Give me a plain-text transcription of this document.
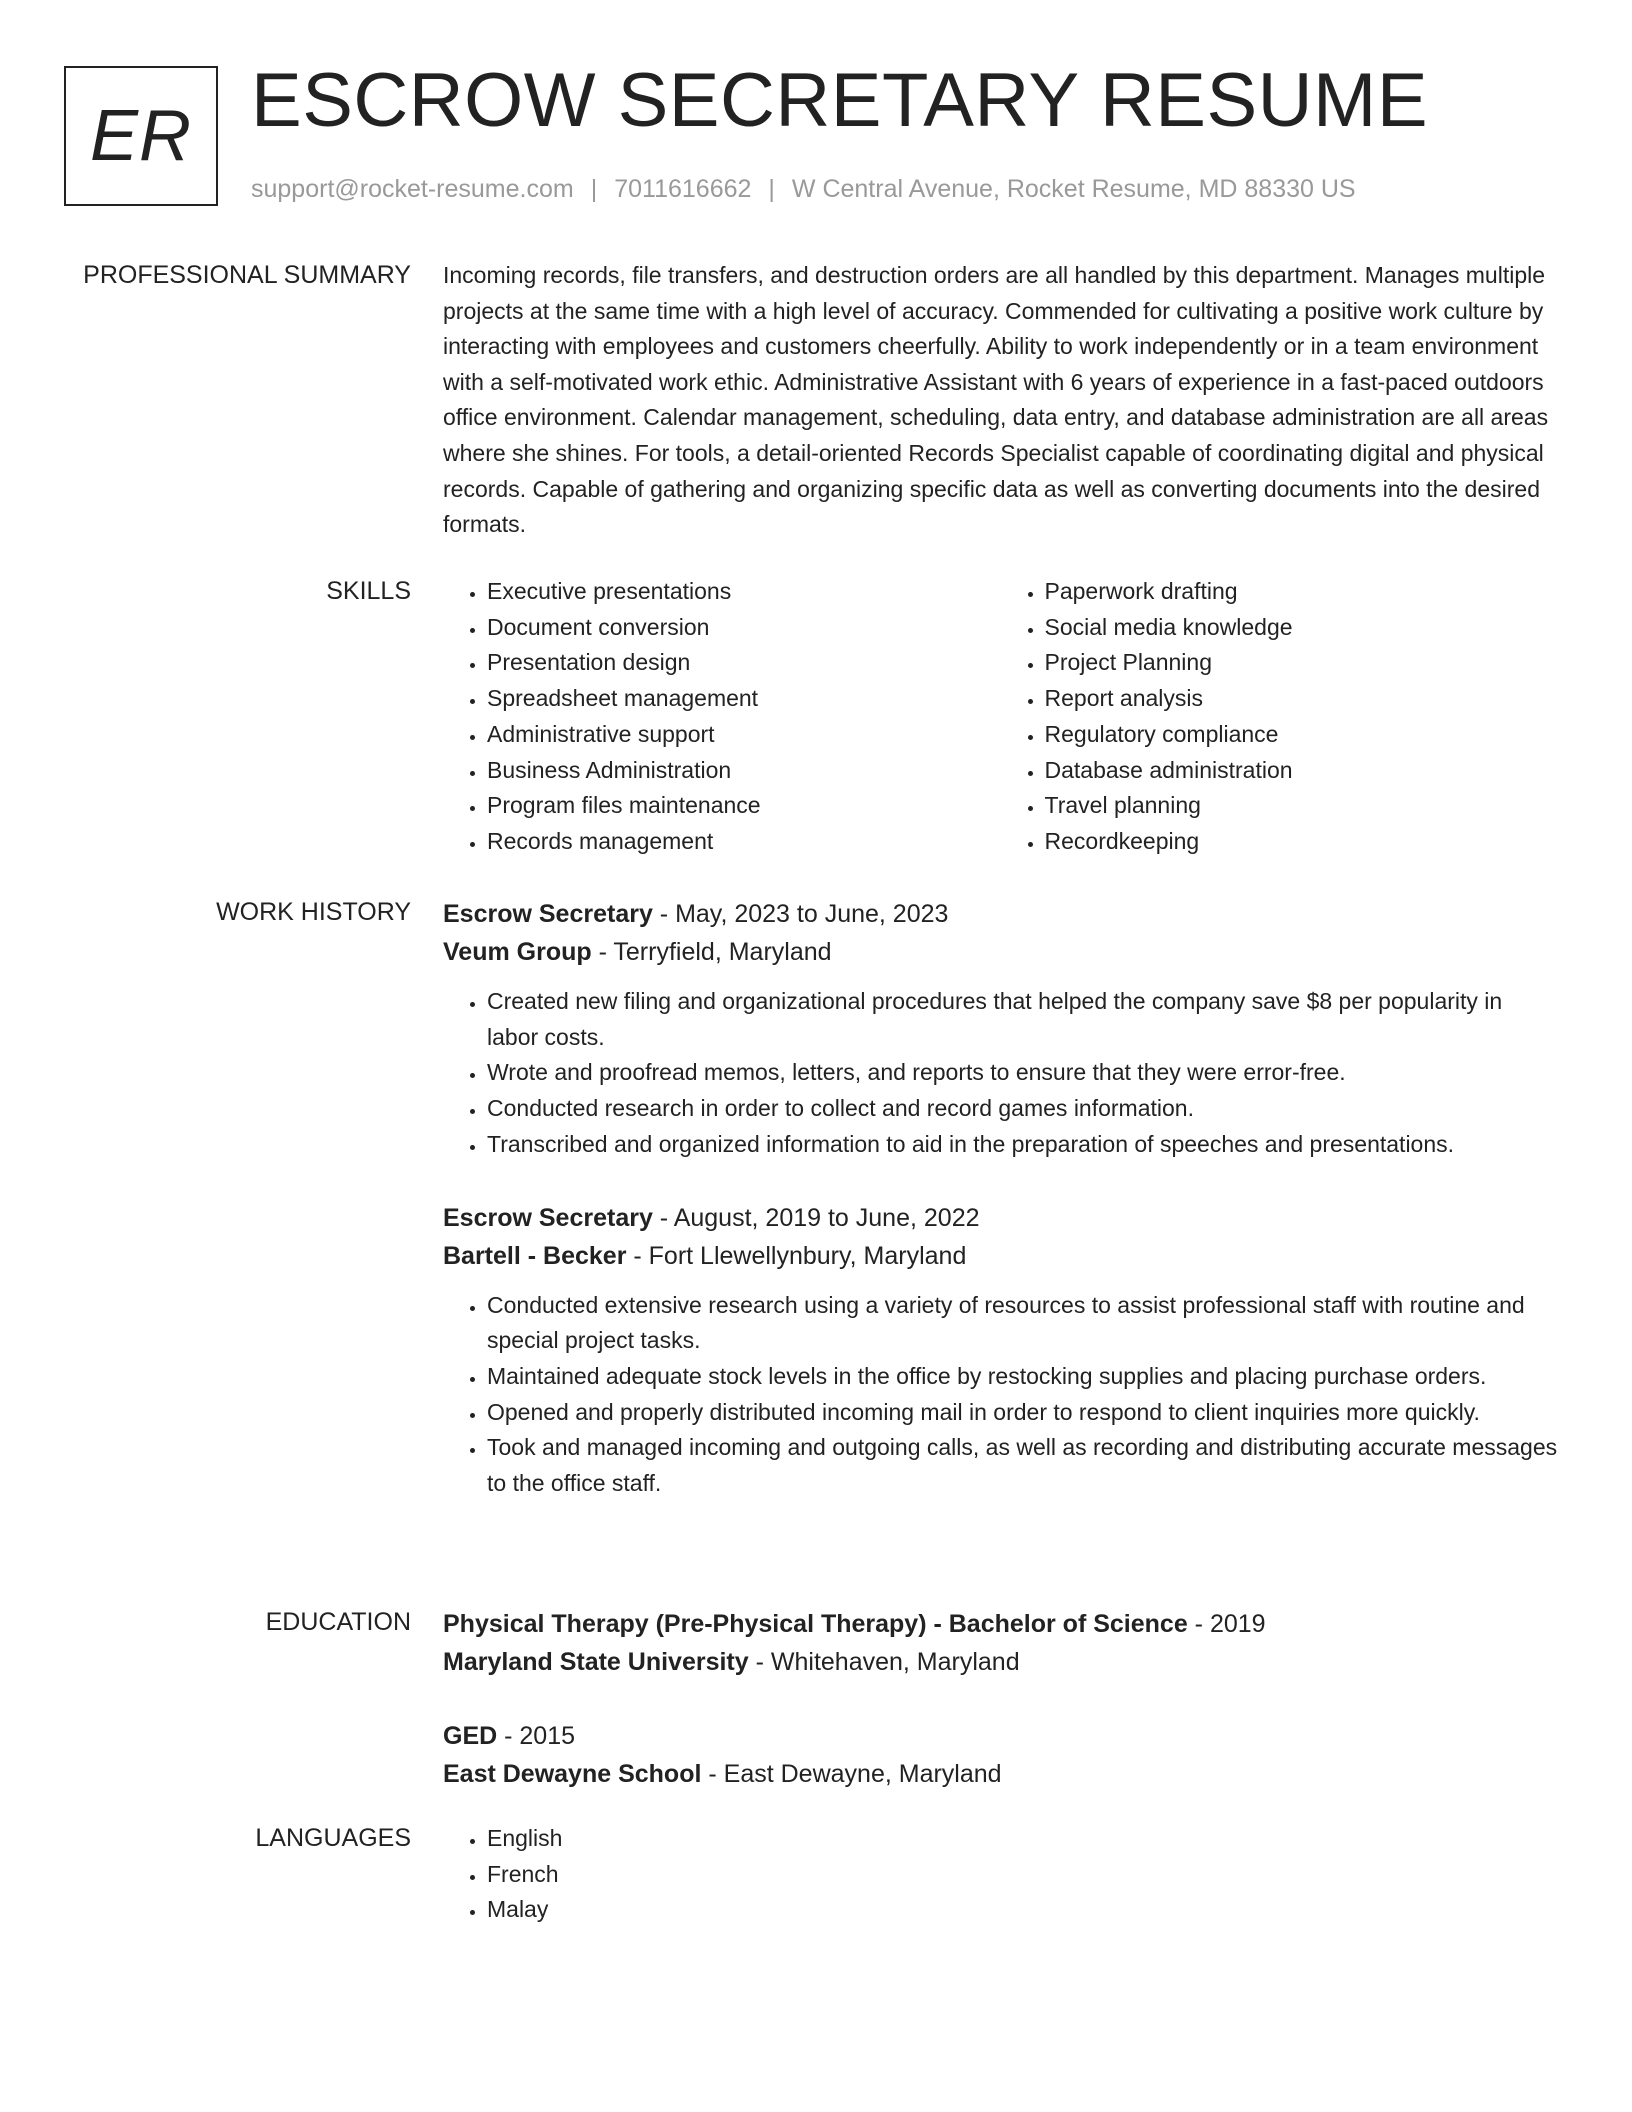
ER ESCROW SECRETARY RESUME
support@rocket-resume.com | 7011616662 | W Central Avenue, Rocket Resume, MD 88330 US
PROFESSIONAL SUMMARY Incoming records, file transfers, and destruction orders are all handled by this department. Manages multiple projects at the same time with a high level of accuracy. Commended for cultivating a positive work culture by interacting with employees and customers cheerfully. Ability to work independently or in a team environment with a self-motivated work ethic. Administrative Assistant with 6 years of experience in a fast-paced outdoors office environment. Calendar management, scheduling, data entry, and database administration are all areas where she shines. For tools, a detail-oriented Records Specialist capable of coordinating digital and physical records. Capable of gathering and organizing specific data as well as converting documents into the desired formats.

SKILLS	• Executive presentations
• Document conversion
• Presentation design
• Spreadsheet management
• Administrative support
• Business Administration
• Program files maintenance
• Records management
• Paperwork drafting
• Social media knowledge
• Project Planning
• Report analysis
• Regulatory compliance
• Database administration
• Travel planning
• Recordkeeping
WORK HISTORY Escrow Secretary - May, 2023 to June, 2023

Veum Group - Terryfield, Maryland

• Created new filing and organizational procedures that helped the company save $8 per popularity in labor costs.
• Wrote and proofread memos, letters, and reports to ensure that they were error-free.
• Conducted research in order to collect and record games information.
• Transcribed and organized information to aid in the preparation of speeches and presentations.

Escrow Secretary - August, 2019 to June, 2022

Bartell - Becker - Fort Llewellynbury, Maryland

• Conducted extensive research using a variety of resources to assist professional staff with routine and special project tasks.
• Maintained adequate stock levels in the office by restocking supplies and placing purchase orders.
• Opened and properly distributed incoming mail in order to respond to client inquiries more quickly.
• Took and managed incoming and outgoing calls, as well as recording and distributing accurate messages to the office staff.
EDUCATION Physical Therapy (Pre-Physical Therapy) - Bachelor of Science - 2019

Maryland State University - Whitehaven, Maryland

GED - 2015

East Dewayne School - East Dewayne, Maryland

LANGUAGES	• English
• French
• Malay
